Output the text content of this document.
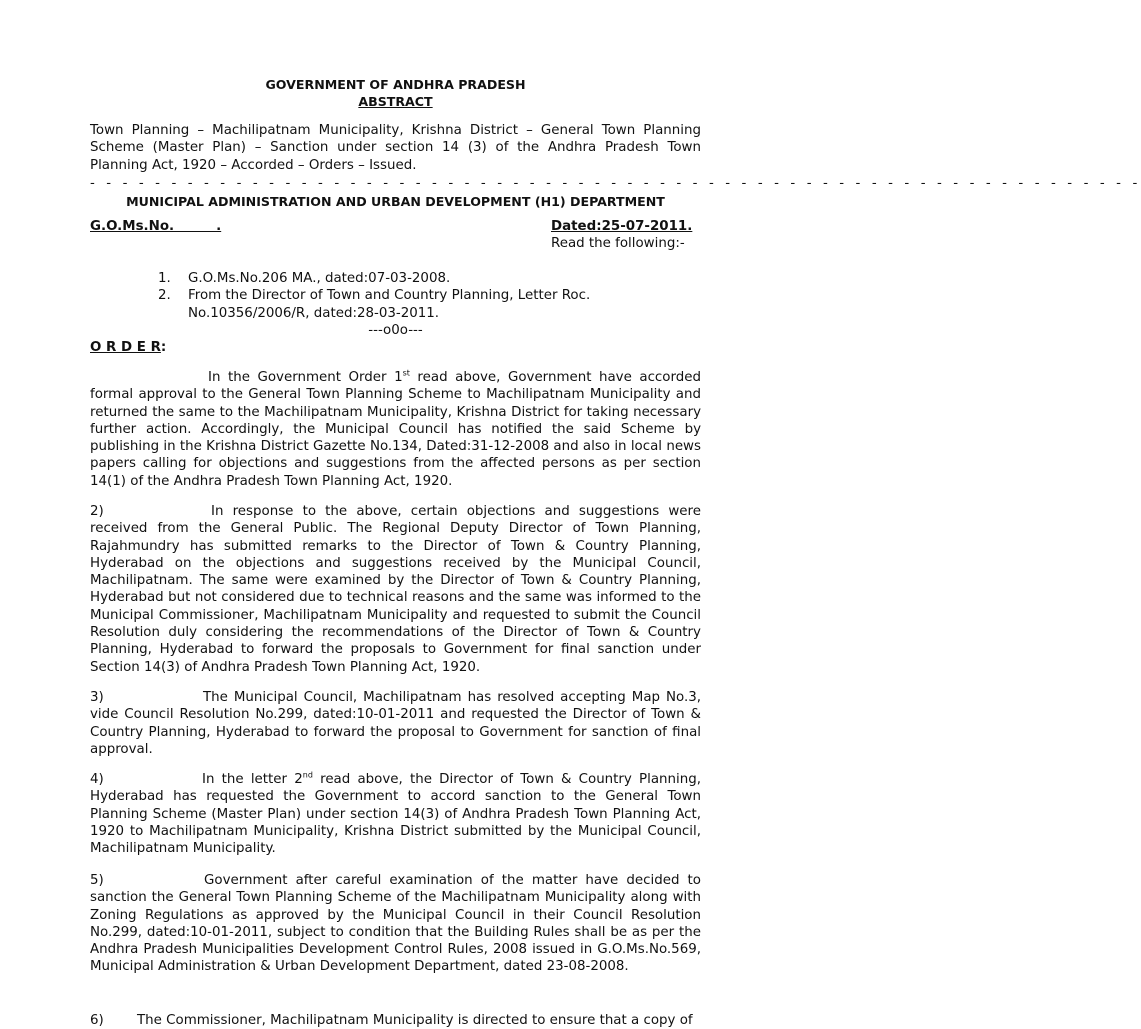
GOVERNMENT OF ANDHRA PRADESH
ABSTRACT
Town Planning – Machilipatnam Municipality, Krishna District – General Town Planning Scheme (Master Plan) – Sanction under section 14 (3) of the Andhra Pradesh Town Planning Act, 1920 – Accorded – Orders – Issued.
- - - - - - - - - - - - - - - - - - - - - - - - - - - - - - - - - - - - - - - - - - - - - - - - - - - - - - - - - - - - - - - - -
MUNICIPAL ADMINISTRATION AND URBAN DEVELOPMENT (H1) DEPARTMENT
G.O.Ms.No.         .	Dated:25-07-2011.
Read the following:-
1.	G.O.Ms.No.206 MA., dated:07-03-2008.
2.	From the Director of Town and Country Planning, Letter Roc. No.10356/2006/R, dated:28-03-2011.
---o0o---
O R D E R:
In the Government Order 1st read above, Government have accorded formal approval to the General Town Planning Scheme to Machilipatnam Municipality and returned the same to the Machilipatnam Municipality, Krishna District for taking necessary further action. Accordingly, the Municipal Council has notified the said Scheme by publishing in the Krishna District Gazette No.134, Dated:31-12-2008 and also in local news papers calling for objections and suggestions from the affected persons as per section 14(1) of the Andhra Pradesh Town Planning Act, 1920.
2)	In response to the above, certain objections and suggestions were received from the General Public. The Regional Deputy Director of Town Planning, Rajahmundry has submitted remarks to the Director of Town & Country Planning, Hyderabad on the objections and suggestions received by the Municipal Council, Machilipatnam. The same were examined by the Director of Town & Country Planning, Hyderabad but not considered due to technical reasons and the same was informed to the Municipal Commissioner, Machilipatnam Municipality and requested to submit the Council Resolution duly considering the recommendations of the Director of Town & Country Planning, Hyderabad to forward the proposals to Government for final sanction under Section 14(3) of Andhra Pradesh Town Planning Act, 1920.
3)	The Municipal Council, Machilipatnam has resolved accepting Map No.3, vide Council Resolution No.299, dated:10-01-2011 and requested the Director of Town & Country Planning, Hyderabad to forward the proposal to Government for sanction of final approval.
4)	In the letter 2nd read above, the Director of Town & Country Planning, Hyderabad has requested the Government to accord sanction to the General Town Planning Scheme (Master Plan) under section 14(3) of Andhra Pradesh Town Planning Act, 1920 to Machilipatnam Municipality, Krishna District submitted by the Municipal Council, Machilipatnam Municipality.
5)	Government after careful examination of the matter have decided to sanction the General Town Planning Scheme of the Machilipatnam Municipality along with Zoning Regulations as approved by the Municipal Council in their Council Resolution No.299, dated:10-01-2011, subject to condition that the Building Rules shall be as per the Andhra Pradesh Municipalities Development Control Rules, 2008 issued in G.O.Ms.No.569, Municipal Administration & Urban Development Department, dated 23-08-2008.
6) The Commissioner, Machilipatnam Municipality is directed to ensure that a copy of
